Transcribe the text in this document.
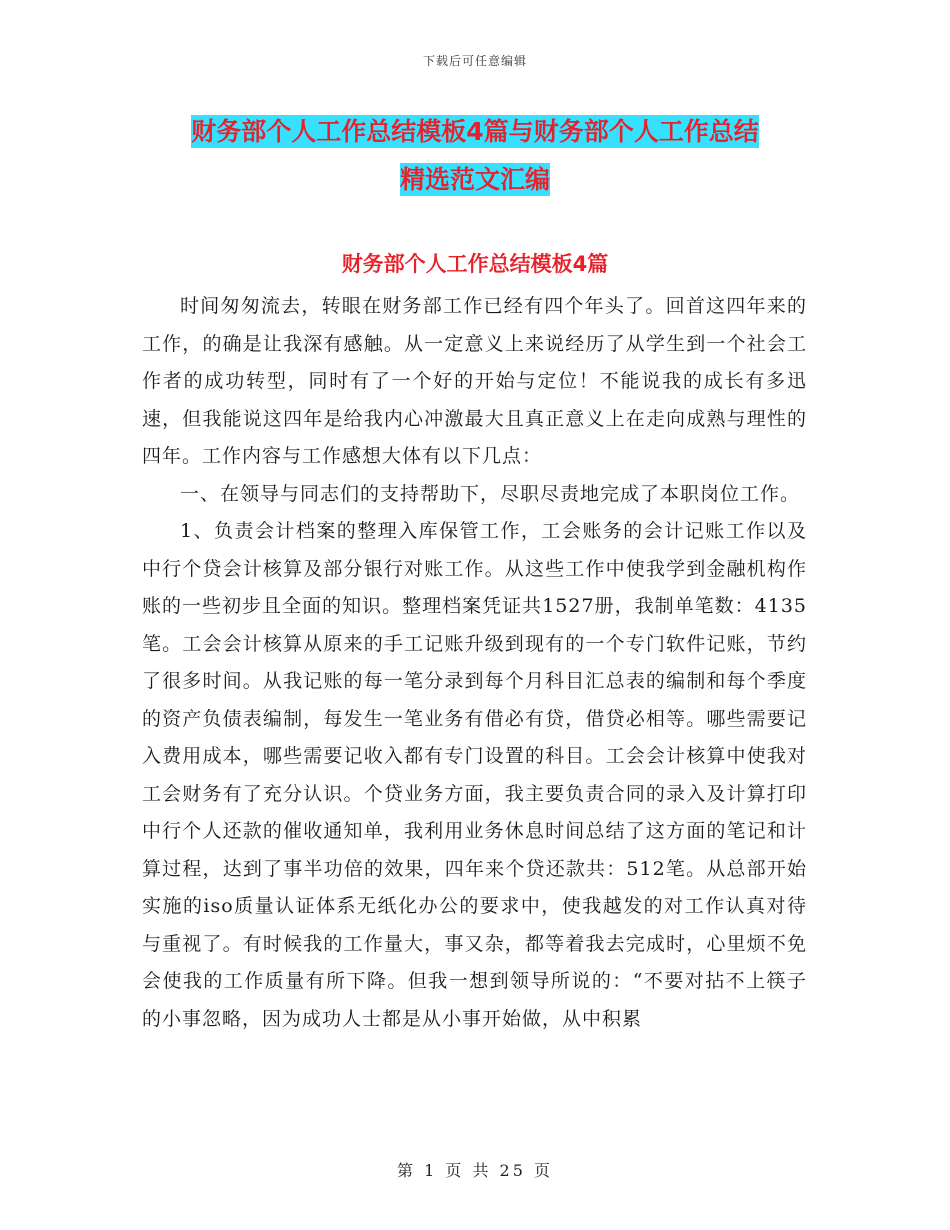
下载后可任意编辑
财务部个人工作总结模板4篇与财务部个人工作总结
精选范文汇编
财务部个人工作总结模板4篇

时间匆匆流去，转眼在财务部工作已经有四个年头了。回首这四年来的工作，的确是让我深有感触。从一定意义上来说经历了从学生到一个社会工作者的成功转型，同时有了一个好的开始与定位！不能说我的成长有多迅速，但我能说这四年是给我内心冲激最大且真正意义上在走向成熟与理性的四年。工作内容与工作感想大体有以下几点：

一、在领导与同志们的支持帮助下，尽职尽责地完成了本职岗位工作。

1、负责会计档案的整理入库保管工作，工会账务的会计记账工作以及中行个贷会计核算及部分银行对账工作。从这些工作中使我学到金融机构作账的一些初步且全面的知识。整理档案凭证共1527册，我制单笔数：4135笔。工会会计核算从原来的手工记账升级到现有的一个专门软件记账，节约了很多时间。从我记账的每一笔分录到每个月科目汇总表的编制和每个季度的资产负债表编制，每发生一笔业务有借必有贷，借贷必相等。哪些需要记入费用成本，哪些需要记收入都有专门设置的科目。工会会计核算中使我对工会财务有了充分认识。个贷业务方面，我主要负责合同的录入及计算打印中行个人还款的催收通知单，我利用业务休息时间总结了这方面的笔记和计算过程，达到了事半功倍的效果，四年来个贷还款共：512笔。从总部开始实施的iso质量认证体系无纸化办公的要求中，使我越发的对工作认真对待与重视了。有时候我的工作量大，事又杂，都等着我去完成时，心里烦不免会使我的工作质量有所下降。但我一想到领导所说的：“不要对拈不上筷子的小事忽略，因为成功人士都是从小事开始做，从中积累

第 1 页 共 25 页
